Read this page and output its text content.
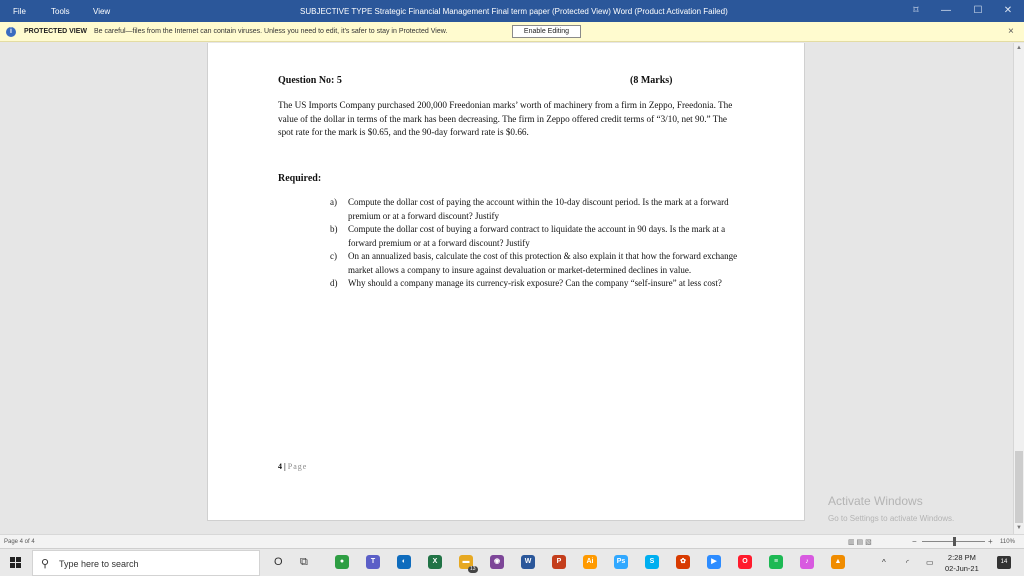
File	Tools	View	SUBJECTIVE TYPE Strategic Financial Management Final term paper (Protected View) Word (Product Activation Failed)	⌑	—	☐	✕
i	PROTECTED VIEW Be careful—files from the Internet can contain viruses. Unless you need to edit, it's safer to stay in Protected View.	Enable Editing	×
Question No: 5	(8 Marks)
The US Imports Company purchased 200,000 Freedonian marks’ worth of machinery from a firm in Zeppo, Freedonia. The value of the dollar in terms of the mark has been decreasing. The firm in Zeppo offered credit terms of “3/10, net 90.” The spot rate for the mark is $0.65, and the 90-day forward rate is $0.66.
Required:
a) Compute the dollar cost of paying the account within the 10-day discount period. Is the mark at a forward premium or at a forward discount? Justify
b) Compute the dollar cost of buying a forward contract to liquidate the account in 90 days. Is the mark at a forward premium or at a forward discount? Justify
c) On an annualized basis, calculate the cost of this protection & also explain it that how the forward exchange market allows a company to insure against devaluation or market-determined declines in value.
d) Why should a company manage its currency-risk exposure? Can the company “self-insure” at less cost?
4 | Page
▲
▼
Activate Windows
Go to Settings to activate Windows.
Page 4 of 4	▥ ▤ ▧	−	+ 110%
⚲ Type here to search	O ⧉	●	T	◐	X	▬
13
◉	W	P	Ai	Ps	S	✿	▶	O	≡	♪	▲	^	◜ ▭
2:28 PM
02-Jun-21
14
